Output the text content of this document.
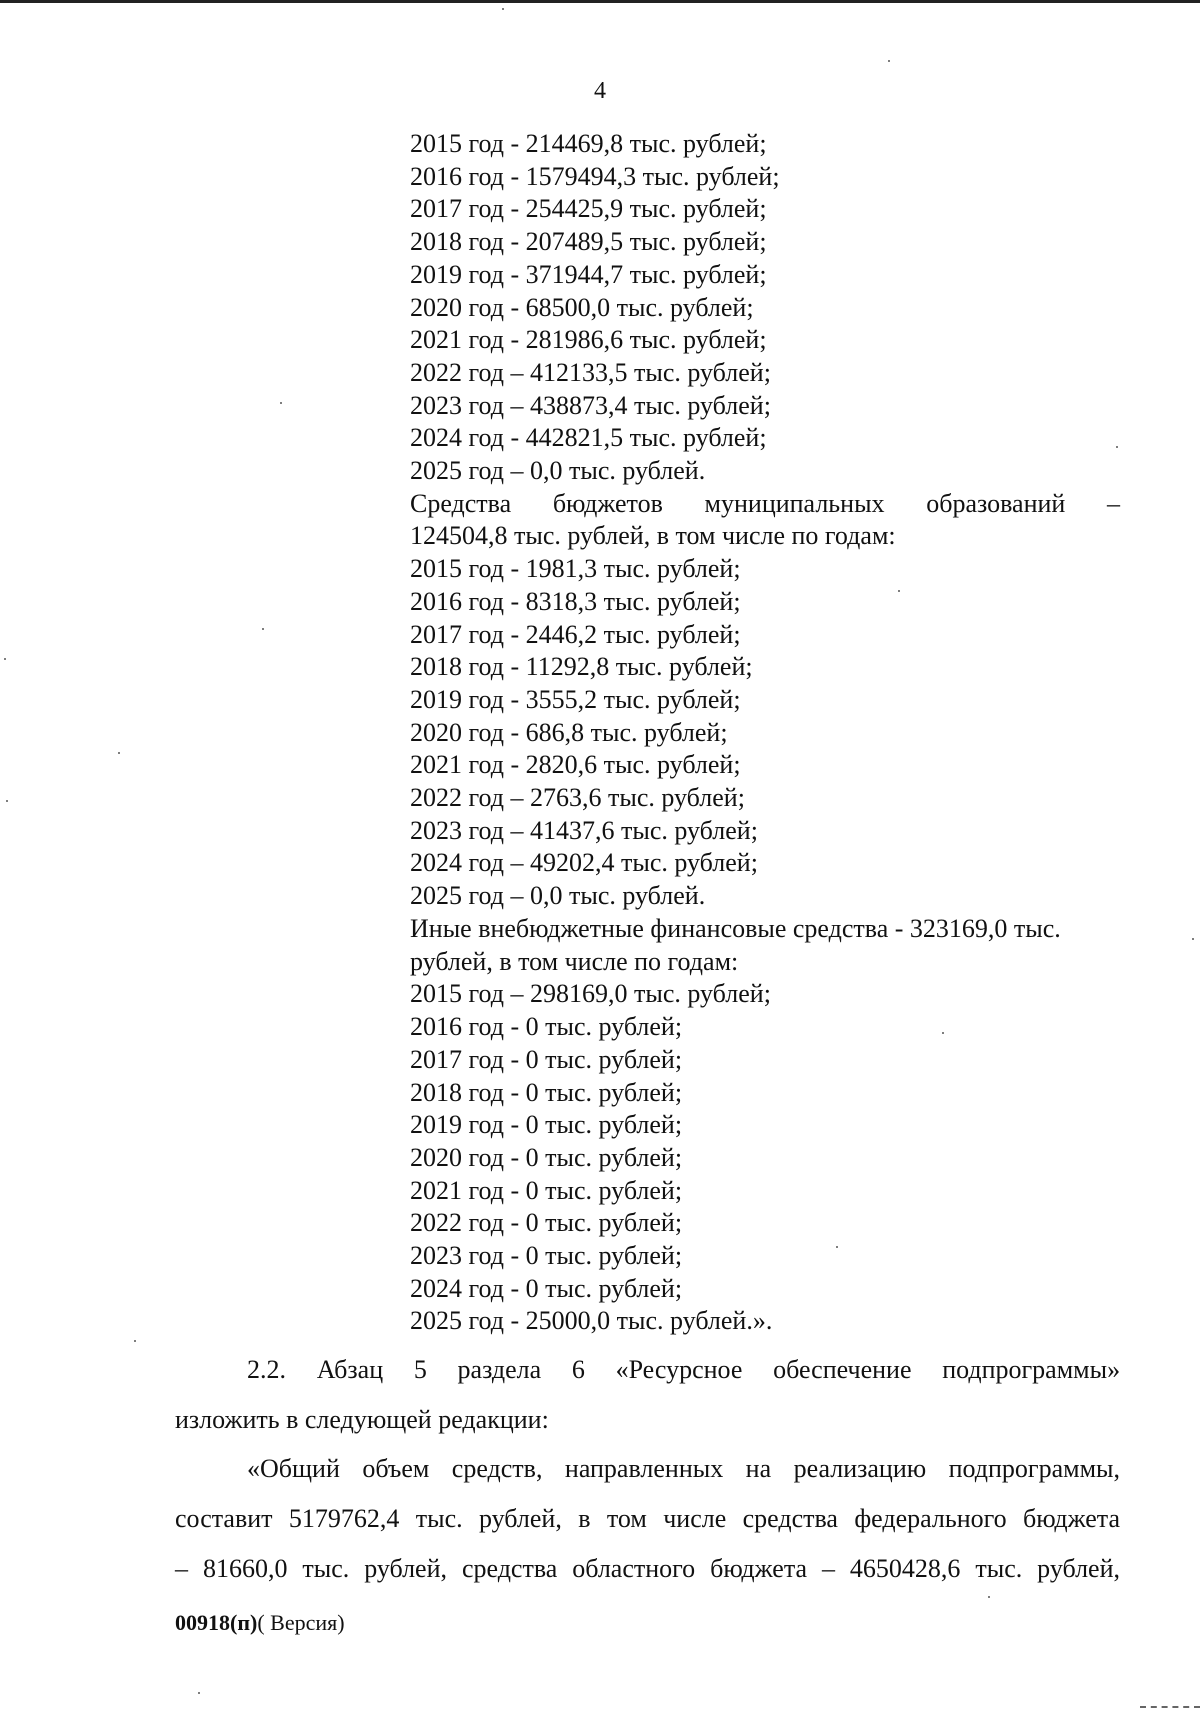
4
2015 год - 214469,8 тыс. рублей;
2016 год - 1579494,3 тыс. рублей;
2017 год - 254425,9 тыс. рублей;
2018 год - 207489,5 тыс. рублей;
2019 год - 371944,7 тыс. рублей;
2020 год - 68500,0 тыс. рублей;
2021 год - 281986,6 тыс. рублей;
2022 год – 412133,5 тыс. рублей;
2023 год – 438873,4 тыс. рублей;
2024 год - 442821,5 тыс. рублей;
2025 год – 0,0 тыс. рублей.
Средства бюджетов муниципальных образований –
124504,8 тыс. рублей, в том числе по годам:
2015 год - 1981,3 тыс. рублей;
2016 год - 8318,3 тыс. рублей;
2017 год - 2446,2 тыс. рублей;
2018 год - 11292,8 тыс. рублей;
2019 год - 3555,2 тыс. рублей;
2020 год - 686,8 тыс. рублей;
2021 год - 2820,6 тыс. рублей;
2022 год – 2763,6 тыс. рублей;
2023 год – 41437,6 тыс. рублей;
2024 год – 49202,4 тыс. рублей;
2025 год – 0,0 тыс. рублей.
Иные внебюджетные финансовые средства - 323169,0 тыс.
рублей, в том числе по годам:
2015 год – 298169,0 тыс. рублей;
2016 год - 0 тыс. рублей;
2017 год - 0 тыс. рублей;
2018 год - 0 тыс. рублей;
2019 год - 0 тыс. рублей;
2020 год - 0 тыс. рублей;
2021 год - 0 тыс. рублей;
2022 год - 0 тыс. рублей;
2023 год - 0 тыс. рублей;
2024 год - 0 тыс. рублей;
2025 год - 25000,0 тыс. рублей.».
2.2. Абзац 5 раздела 6 «Ресурсное обеспечение подпрограммы»
изложить в следующей редакции:
«Общий объем средств, направленных на реализацию подпрограммы,
составит 5179762,4 тыс. рублей, в том числе средства федерального бюджета
– 81660,0 тыс. рублей, средства областного бюджета – 4650428,6 тыс. рублей,
00918(п)( Версия)
